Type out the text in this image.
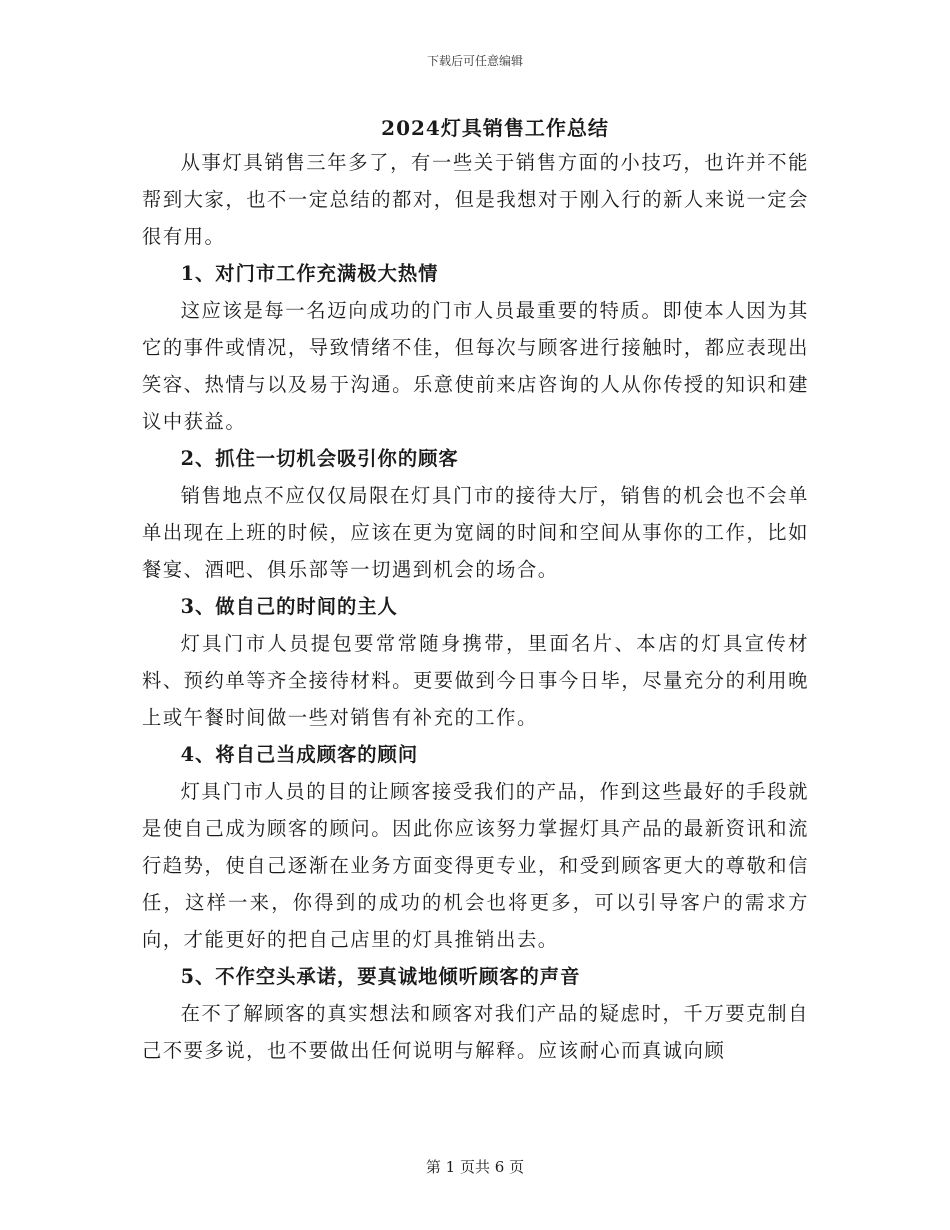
下载后可任意编辑
2024灯具销售工作总结

从事灯具销售三年多了，有一些关于销售方面的小技巧，也许并不能帮到大家，也不一定总结的都对，但是我想对于刚入行的新人来说一定会很有用。

1、对门市工作充满极大热情

这应该是每一名迈向成功的门市人员最重要的特质。即使本人因为其它的事件或情况，导致情绪不佳，但每次与顾客进行接触时，都应表现出笑容、热情与以及易于沟通。乐意使前来店咨询的人从你传授的知识和建议中获益。

2、抓住一切机会吸引你的顾客

销售地点不应仅仅局限在灯具门市的接待大厅，销售的机会也不会单单出现在上班的时候，应该在更为宽阔的时间和空间从事你的工作，比如餐宴、酒吧、俱乐部等一切遇到机会的场合。

3、做自己的时间的主人

灯具门市人员提包要常常随身携带，里面名片、本店的灯具宣传材料、预约单等齐全接待材料。更要做到今日事今日毕，尽量充分的利用晚上或午餐时间做一些对销售有补充的工作。

4、将自己当成顾客的顾问

灯具门市人员的目的让顾客接受我们的产品，作到这些最好的手段就是使自己成为顾客的顾问。因此你应该努力掌握灯具产品的最新资讯和流行趋势，使自己逐渐在业务方面变得更专业，和受到顾客更大的尊敬和信任，这样一来，你得到的成功的机会也将更多，可以引导客户的需求方向，才能更好的把自己店里的灯具推销出去。

5、不作空头承诺，要真诚地倾听顾客的声音

在不了解顾客的真实想法和顾客对我们产品的疑虑时，千万要克制自己不要多说，也不要做出任何说明与解释。应该耐心而真诚向顾

第 1 页共 6 页
